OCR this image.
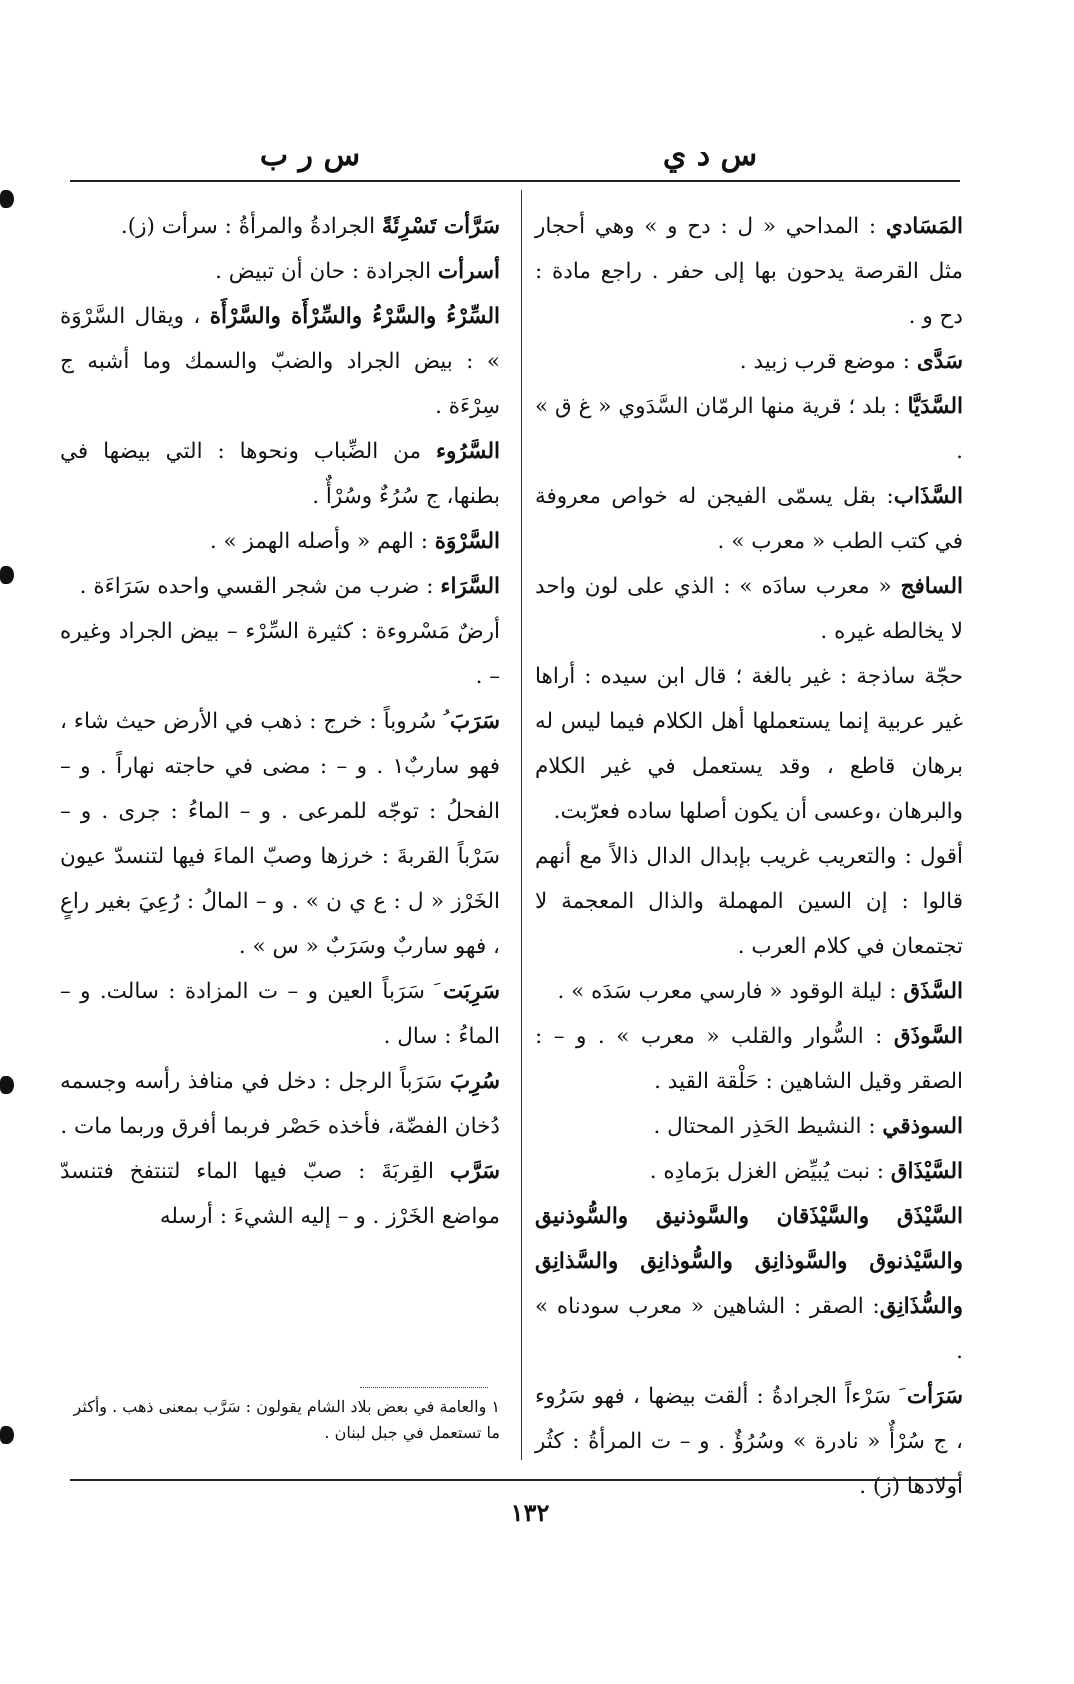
س د ي
س ر ب

المَسَادي : المداحي « ل : دح و » وهي أحجار مثل القرصة يدحون بها إلى حفر . راجع مادة : دح و .

سَدَّى : موضع قرب زبيد .

السَّدَيَّا : بلد ؛ قرية منها الرمّان السَّدَوي « غ ق » .

السَّذَاب: بقل يسمّى الفيجن له خواص معروفة في كتب الطب « معرب » .

السافج « معرب سادَه » : الذي على لون واحد لا يخالطه غيره .

حجّة ساذجة : غير بالغة ؛ قال ابن سيده : أراها غير عربية إنما يستعملها أهل الكلام فيما ليس له برهان قاطع ، وقد يستعمل في غير الكلام والبرهان ،وعسى أن يكون أصلها ساده فعرّبت.

أقول : والتعريب غريب بإبدال الدال ذالاً مع أنهم قالوا : إن السين المهملة والذال المعجمة لا تجتمعان في كلام العرب .

السَّذَق : ليلة الوقود « فارسي معرب سَدَه » .

السَّوذَق : السُّوار والقلب « معرب » . و – : الصقر وقيل الشاهين : حَلْقة القيد .

السوذقي : النشيط الحَذِر المحتال .

السَّيْذَاق : نبت يُبيِّض الغزل برَمادِه .

السَّيْذَق والسَّيْذَقان والسَّوذنيق والسُّوذنيق والسَّيْذنوق والسَّوذانِق والسُّوذانِق والسَّذانِق والسُّذَانِق: الصقر : الشاهين « معرب سودناه » .

سَرَأت َ سَرْءاً الجرادةُ : ألقت بيضها ، فهو سَرُوء ، ج سُرْأٌ « نادرة » وسُرُؤٌ . و – ت المرأةُ : كثُر أولادها (ز) .

سَرَّأت تَسْرِئَةً الجرادةُ والمرأةُ : سرأت (ز).

أسرأت الجرادة : حان أن تبيض .

السِّرْءُ والسَّرْءُ والسِّرْأَة والسَّرْأَة ، ويقال السَّرْوَة » : بيض الجراد والضبّ والسمك وما أشبه ج سِرْءَة .

السَّرُوء من الضِّباب ونحوها : التي بيضها في بطنها، ج سُرُءٌ وسُرْأٌ .

السَّرْوَة : الهم « وأصله الهمز » .

السَّرَاء : ضرب من شجر القسي واحده سَرَاءَة .

أرضٌ مَسْروءة : كثيرة السِّرْء – بيض الجراد وغيره – .

سَرَبَ ُ سُروباً : خرج : ذهب في الأرض حيث شاء ، فهو ساربٌ١ . و – : مضى في حاجته نهاراً . و – الفحلُ : توجّه للمرعى . و – الماءُ : جرى . و – سَرْباً القربةَ : خرزها وصبّ الماءَ فيها لتنسدّ عيون الخَرْز « ل : ع ي ن » . و – المالُ : رُعِيَ بغير راعٍ ، فهو ساربٌ وسَرَبٌ « س » .

سَرِبَت َ سَرَباً العين و – ت المزادة : سالت. و – الماءُ : سال .

سُرِبَ سَرَباً الرجل : دخل في منافذ رأسه وجسمه دُخان الفضّة، فأخذه حَصْر فربما أفرق وربما مات .

سَرَّب القِربَةَ : صبّ فيها الماء لتنتفخ فتنسدّ مواضع الخَرْز . و – إليه الشيءَ : أرسله

١ والعامة في بعض بلاد الشام يقولون : سَرَّب بمعنى ذهب . وأكثر ما تستعمل في جبل لبنان .
١٣٢
